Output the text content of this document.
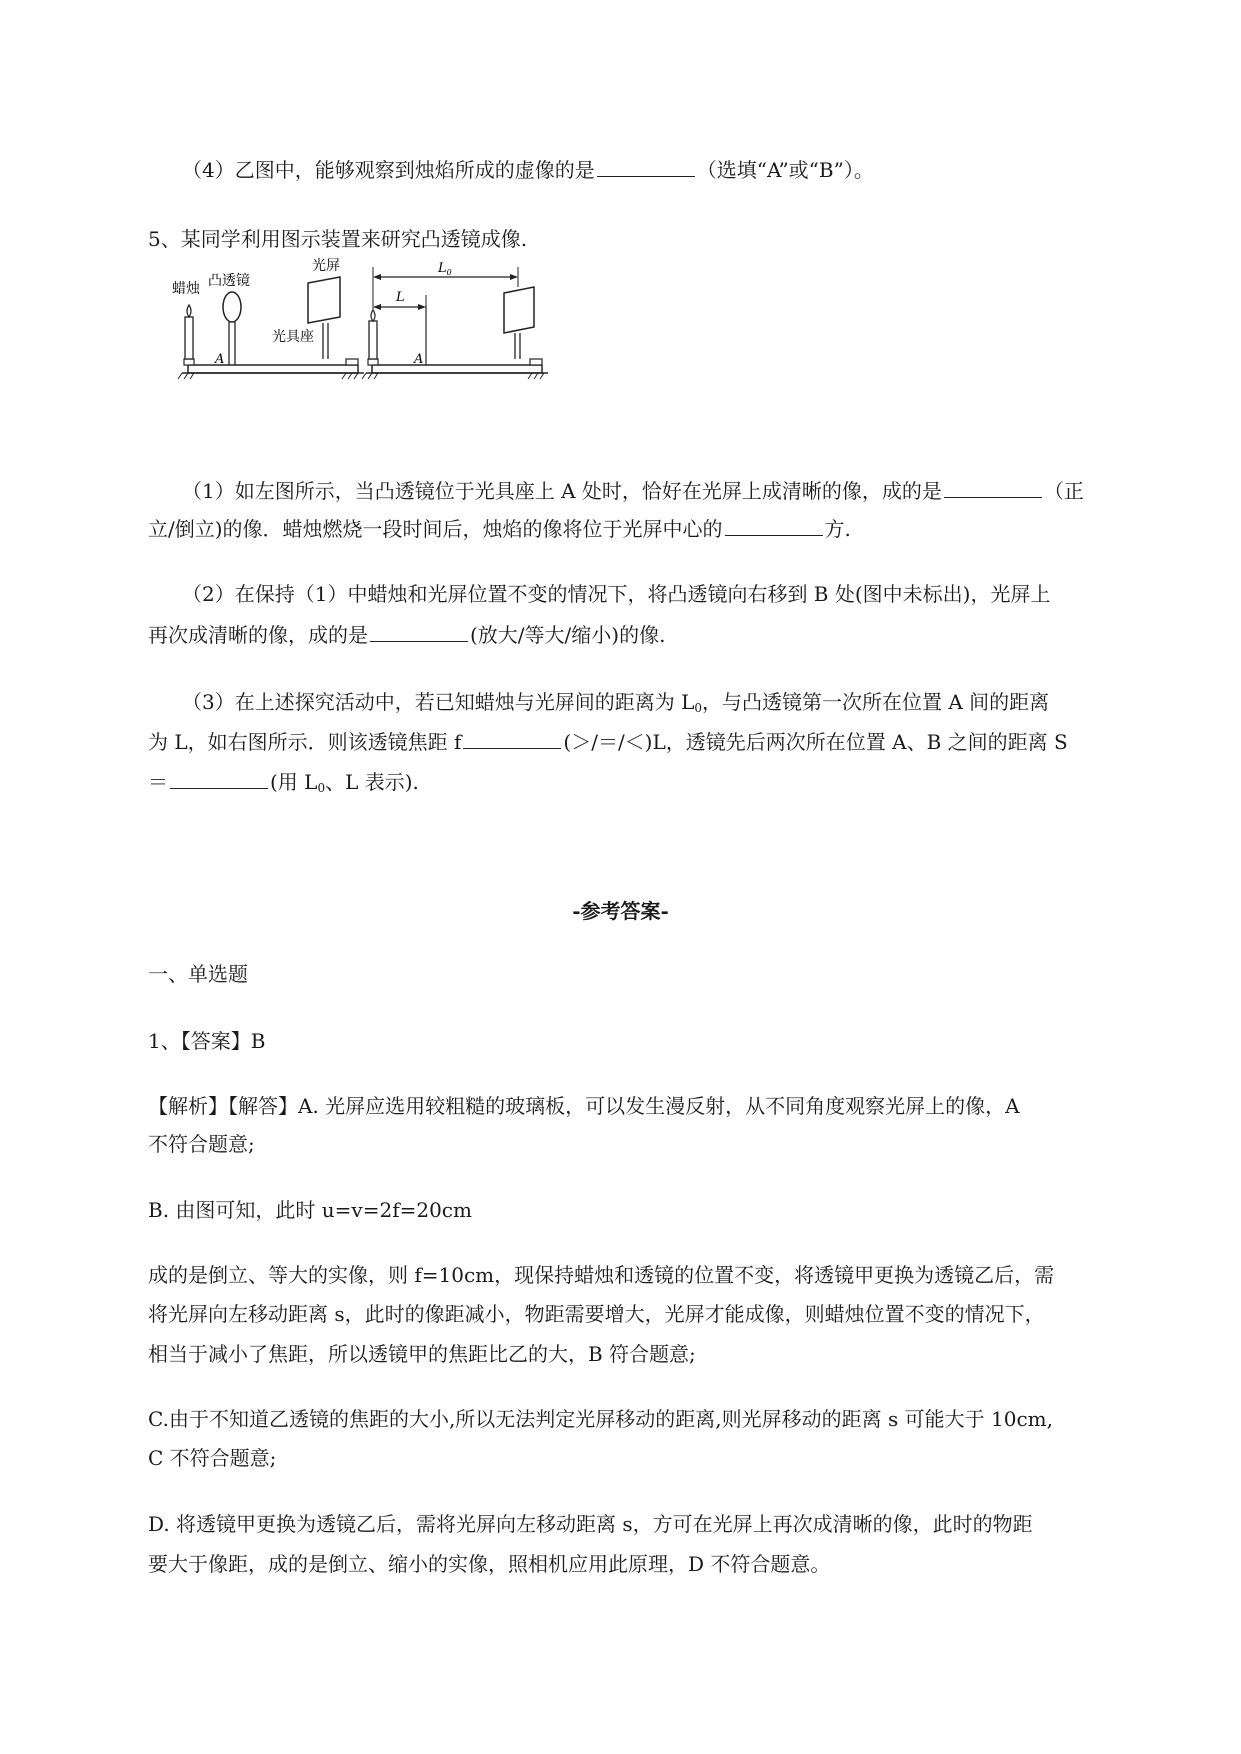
（4）乙图中，能够观察到烛焰所成的虚像的是	（选填“A”或“B”）。
5、某同学利用图示装置来研究凸透镜成像.
蜡烛 凸透镜
A
光屏
光具座
A
$L_0$
L
（1）如左图所示，当凸透镜位于光具座上 A 处时，恰好在光屏上成清晰的像，成的是	（正
立/倒立)的像．蜡烛燃烧一段时间后，烛焰的像将位于光屏中心的	方.
（2）在保持（1）中蜡烛和光屏位置不变的情况下，将凸透镜向右移到 B 处(图中未标出)，光屏上
再次成清晰的像，成的是	(放大/等大/缩小)的像.
（3）在上述探究活动中，若已知蜡烛与光屏间的距离为 $L_0$，与凸透镜第一次所在位置 A 间的距离
为 L，如右图所示．则该透镜焦距 f	(＞/＝/＜)L，透镜先后两次所在位置 A、B 之间的距离 S
＝	(用 $L_0$、L 表示).
-参考答案-
一、单选题
1、【答案】B
【解析】【解答】A. 光屏应选用较粗糙的玻璃板，可以发生漫反射，从不同角度观察光屏上的像，A
不符合题意;
B. 由图可知，此时 u=v=2f=20cm
成的是倒立、等大的实像，则 f=10cm，现保持蜡烛和透镜的位置不变，将透镜甲更换为透镜乙后，需
将光屏向左移动距离 s，此时的像距减小，物距需要增大，光屏才能成像，则蜡烛位置不变的情况下，
相当于减小了焦距，所以透镜甲的焦距比乙的大，B 符合题意;
C.由于不知道乙透镜的焦距的大小,所以无法判定光屏移动的距离,则光屏移动的距离 s 可能大于 10cm,
C 不符合题意;
D. 将透镜甲更换为透镜乙后，需将光屏向左移动距离 s，方可在光屏上再次成清晰的像，此时的物距
要大于像距，成的是倒立、缩小的实像，照相机应用此原理，D 不符合题意。
